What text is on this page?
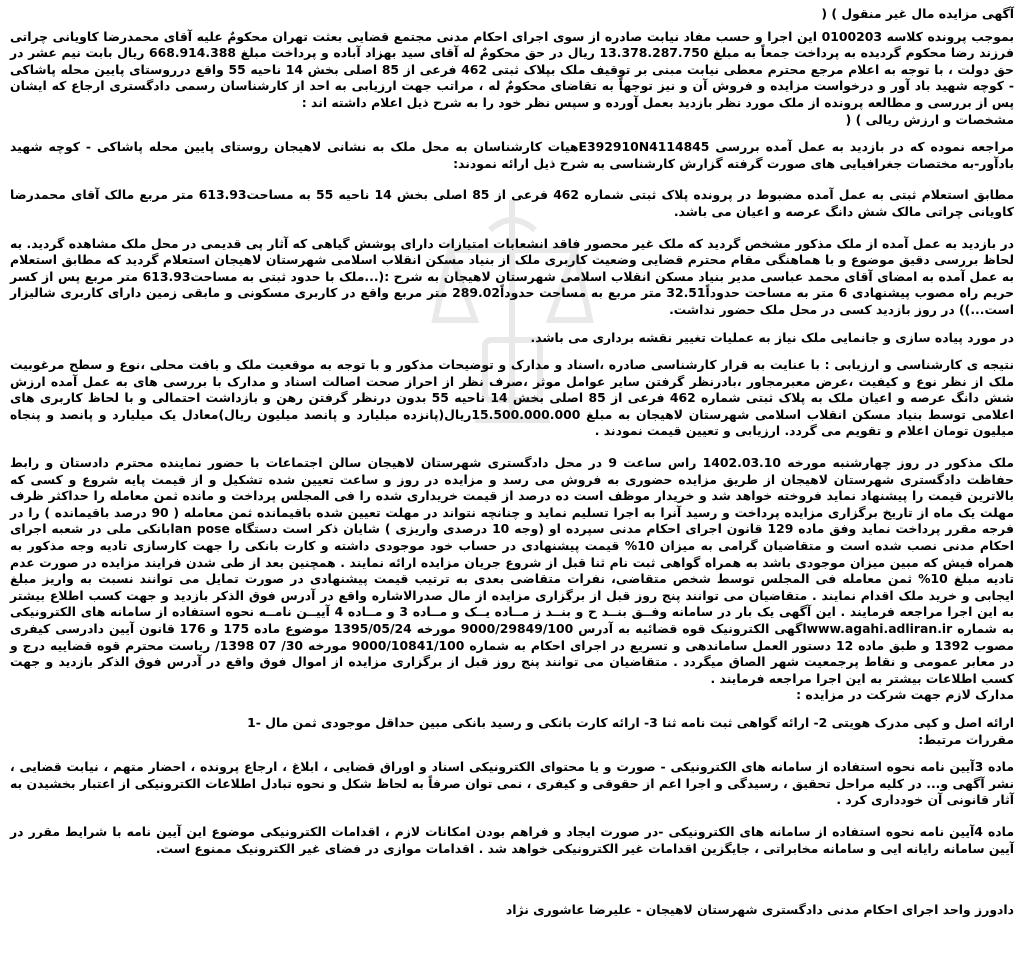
آگهی مزایده مال غیر منقول ) (

بموجب پرونده کلاسه 0100203 این اجرا و حسب مفاد نیابت صادره از سوی اجرای احکام مدنی مجتمع قضایی بعثت تهران محکومٌ علیه آقای محمدرضا کاویانی چراتی فرزند رضا محکوم گردیده به پرداخت جمعاً به مبلغ 13.378.287.750 ریال در حق محکومٌ له آقای سید بهزاد آباده و پرداخت مبلغ 668.914.388 ریال بابت نیم عشر در حق دولت ، با توجه به اعلام مرجع محترم معطی نیابت مبنی بر توقیف ملک بپلاک ثبتی 462 فرعی از 85 اصلی بخش 14 ناحیه 55 واقع درروستای پایین محله پاشاکی - کوچه شهید باد آور و درخواست مزایده و فروش آن و نیز توجهاً به تقاضای محکومٌ له ، مراتب جهت ارزیابی به احد از کارشناسان رسمی دادگستری ارجاع که ایشان پس از بررسی و مطالعه پرونده از ملک مورد نظر بازدید بعمل آورده و سپس نظر خود را به شرح ذیل اعلام داشته اند :

مشخصات و ارزش ریالی ) (

مراجعه نموده که در بازدید به عمل آمده بررسی E392910N4114845هیات کارشناسان به محل ملک به نشانی لاهیجان روستای پایین محله پاشاکی - کوچه شهید بادآور-به مختصات جغرافیایی های صورت گرفته گزارش کارشناسی به شرح ذیل ارائه نمودند:

مطابق استعلام ثبتی به عمل آمده مضبوط در پرونده پلاک ثبتی شماره 462 فرعی از 85 اصلی بخش 14 ناحیه 55 به مساحت613.93 متر مربع مالک آقای محمدرضا کاویانی چراتی مالک شش دانگ عرصه و اعیان می باشد.

در بازدید به عمل آمده از ملک مذکور مشخص گردید که ملک غیر محصور فاقد انشعابات امتیازات دارای پوشش گیاهی که آثار پی قدیمی در محل ملک مشاهده گردید. به لحاظ بررسی دقیق موضوع و با هماهنگی مقام محترم قضایی وضعیت کاربری ملک از بنیاد مسکن انقلاب اسلامی شهرستان لاهیجان استعلام گردید که مطابق استعلام به عمل آمده به امضای آقای محمد عباسی مدیر بنیاد مسکن انقلاب اسلامی شهرستان لاهیجان به شرح :(...ملک با حدود ثبتی به مساحت613.93 متر مربع پس از کسر حریم راه مصوب پیشنهادی 6 متر به مساحت حدوداً32.51 متر مربع به مساحت حدوداً289.02 متر مربع واقع در کاربری مسکونی و مابقی زمین دارای کاربری شالیزار است...)) در روز بازدید کسی در محل ملک حضور نداشت.

در مورد پیاده سازی و جانمایی ملک نیاز به عملیات تغییر نقشه برداری می باشد.

نتیجه ی کارشناسی و ارزیابی : با عنایت به قرار کارشناسی صادره ،اسناد و مدارک و توضیحات مذکور و با توجه به موقعیت ملک و بافت محلی ،نوع و سطح مرغوبیت ملک از نظر نوع و کیفیت ،عرض معبرمجاور ،بادرنظر گرفتن سایر عوامل موثر ،صرف نظر از احراز صحت اصالت اسناد و مدارک با بررسی های به عمل آمده ارزش شش دانگ عرصه و اعیان ملک به پلاک ثبتی شماره 462 فرعی از 85 اصلی بخش 14 ناحیه 55 بدون درنظر گرفتن رهن و بازداشت احتمالی و با لحاظ کاربری های اعلامی توسط بنیاد مسکن انقلاب اسلامی شهرستان لاهیجان به مبلغ 15.500.000.000ریال(پانزده میلیارد و پانصد میلیون ریال)معادل یک میلیارد و پانصد و پنجاه میلیون تومان اعلام و تقویم می گردد. ارزیابی و تعیین قیمت نمودند .

ملک مذکور در روز چهارشنبه مورخه 1402.03.10 راس ساعت 9 در محل دادگستری شهرستان لاهیجان سالن اجتماعات با حضور نماینده محترم دادستان و رابط حفاظت دادگستری شهرستان لاهیجان از طریق مزایده حضوری به فروش می رسد و مزایده در روز و ساعت تعیین شده تشکیل و از قیمت پایه شروع و کسی که بالاترین قیمت را پیشنهاد نماید فروخته خواهد شد و خریدار موظف است ده درصد از قیمت خریداری شده را فی المجلس پرداخت و مانده ثمن معامله را حداکثر ظرف مهلت یک ماه از تاریخ برگزاری مزایده پرداخت و رسید آنرا به اجرا تسلیم نماید و چنانچه نتواند در مهلت تعیین شده باقیمانده ثمن معامله ( 90 درصد باقیمانده ) را در فرجه مقرر پرداخت نماید وفق ماده 129 قانون اجرای احکام مدنی سپرده او (وجه 10 درصدی واریزی ) شایان ذکر است دستگاه lan poseبانکی ملی در شعبه اجرای احکام مدنی نصب شده است و متقاضیان گرامی به میزان 10% قیمت پیشنهادی در حساب خود موجودی داشته و کارت بانکی را جهت کارسازی تادیه وجه مذکور به همراه فیش که مبین میزان موجودی باشد به همراه گواهی ثبت نام ثنا قبل از شروع جریان مزایده ارائه نمایند . همچنین بعد از طی شدن فرایند مزایده در صورت عدم تادیه مبلغ 10% ثمن معامله فی المجلس توسط شخص متقاضی، نفرات متقاضی بعدی به ترتیب قیمت پیشنهادی در صورت تمایل می توانند نسبت به واریز مبلغ ایجابی و خرید ملک اقدام نمایند . متقاضیان می توانند پنج روز قبل از برگزاری مزایده از مال صدرالاشاره واقع در آدرس فوق الذکر بازدید و جهت کسب اطلاع بیشتر به این اجرا مراجعه فرمایند . این آگهی یک بار در سامانه وفــق بنــد ح و بنــد ز مــاده یــک و مــاده 3 و مــاده 4 آییــن نامــه نحوه استفاده از سامانه های الکترونیکی به شماره www.agahi.adliran.irاگهی الکترونیک قوه قضائیه به آدرس 9000/29849/100 مورخه 1395/05/24 موضوع ماده 175 و 176 قانون آیین دادرسی کیفری مصوب 1392 و طبق ماده 12 دستور العمل ساماندهی و تسریع در اجرای احکام به شماره 9000/10841/100 مورخه 30/ 07 1398/ ریاست محترم قوه قضاییه درج و در معابر عمومی و نقاط پرجمعیت شهر الصاق میگردد . متقاضیان می توانند پنج روز قبل از برگزاری مزایده از اموال فوق واقع در آدرس فوق الذکر بازدید و جهت کسب اطلاعات بیشتر به این اجرا مراجعه فرمایند .

مدارک لازم جهت شرکت در مزایده :

ارائه اصل و کپی مدرک هویتی 2- ارائه گواهی ثبت نامه ثنا 3- ارائه کارت بانکی و رسید بانکی مبین حداقل موجودی ثمن مال -1

مقررات مرتبط:

ماده 3آیین نامه نحوه استفاده از سامانه های الکترونیکی - صورت و یا محتوای الکترونیکی اسناد و اوراق قضایی ، ابلاغ ، ارجاع پرونده ، احضار متهم ، نیابت قضایی ، نشر آگهی و... در کلیه مراحل تحقیق ، رسیدگی و اجرا اعم از حقوقی و کیفری ، نمی توان صرفاً به لحاظ شکل و نحوه تبادل اطلاعات الکترونیکی از اعتبار بخشیدن به آثار قانونی آن خودداری کرد .

ماده 4آیین نامه نحوه استفاده از سامانه های الکترونیکی -در صورت ایجاد و فراهم بودن امکانات لازم ، اقدامات الکترونیکی موضوع این آیین نامه با شرایط مقرر در آیین سامانه رایانه ایی و سامانه مخابراتی ، جایگزین اقدامات غیر الکترونیکی خواهد شد . اقدامات موازی در فضای غیر الکترونیک ممنوع است.

دادورز واحد اجرای احکام مدنی دادگستری شهرستان لاهیجان - علیرضا عاشوری نژاد
